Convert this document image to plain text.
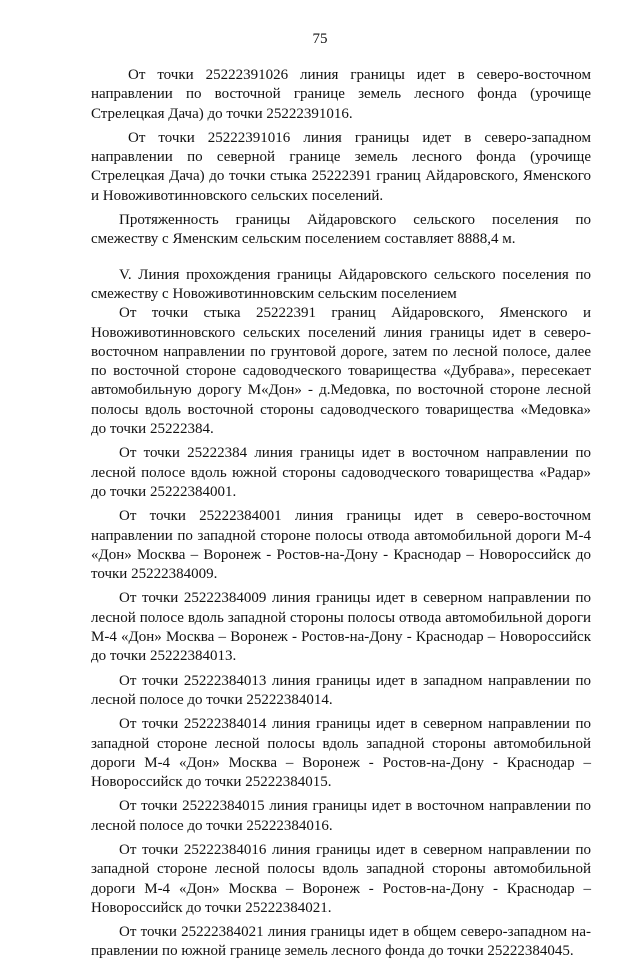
75

От точки 25222391026 линия границы идет в северо-восточном направлении по восточной границе земель лесного фонда (урочище Стрелецкая Дача) до точки 25222391016.

От точки 25222391016 линия границы идет в северо-западном направлении по северной границе земель лесного фонда (урочище Стрелецкая Дача) до точки стыка 25222391 границ Айдаровского, Яменского и Новоживотинновского сельских поселений.

Протяженность границы Айдаровского сельского поселения по смежеству с Яменским сельским поселением составляет 8888,4 м.

V. Линия прохождения границы Айдаровского сельского поселения по смежеству с Новоживотинновским сельским поселением

От точки стыка 25222391 границ Айдаровского, Яменского и Новоживотинновского сельских поселений линия границы идет в северо-восточном направлении по грунтовой дороге, затем по лесной полосе, далее по восточной стороне садоводческого товарищества «Дубрава», пересекает автомобильную дорогу М«Дон» - д.Медовка, по восточной стороне лесной полосы вдоль восточной стороны садоводческого товарищества «Медовка» до точки 25222384.

От точки 25222384 линия границы идет в восточном направлении по лесной полосе вдоль южной стороны садоводческого товарищества «Радар» до точки 25222384001.

От точки 25222384001 линия границы идет в северо-восточном направлении по западной стороне полосы отвода автомобильной дороги М-4 «Дон» Москва – Воронеж - Ростов-на-Дону - Краснодар – Новороссийск до точки 25222384009.

От точки 25222384009 линия границы идет в северном направлении по лесной полосе вдоль западной стороны полосы отвода автомобильной дороги М-4 «Дон» Москва – Воронеж - Ростов-на-Дону - Краснодар – Новороссийск до точки 25222384013.

От точки 25222384013 линия границы идет в западном направлении по лесной полосе до точки 25222384014.

От точки 25222384014 линия границы идет в северном направлении по западной стороне лесной полосы вдоль западной стороны автомобильной дороги М-4 «Дон» Москва – Воронеж - Ростов-на-Дону - Краснодар – Новороссийск до точки 25222384015.

От точки 25222384015 линия границы идет в восточном направлении по лесной полосе до точки 25222384016.

От точки 25222384016 линия границы идет в северном направлении по западной стороне лесной полосы вдоль западной стороны автомобильной дороги М-4 «Дон» Москва – Воронеж - Ростов-на-Дону - Краснодар – Новороссийск до точки 25222384021.

От точки 25222384021 линия границы идет в общем северо-западном направлении по южной границе земель лесного фонда до точки 25222384045.
